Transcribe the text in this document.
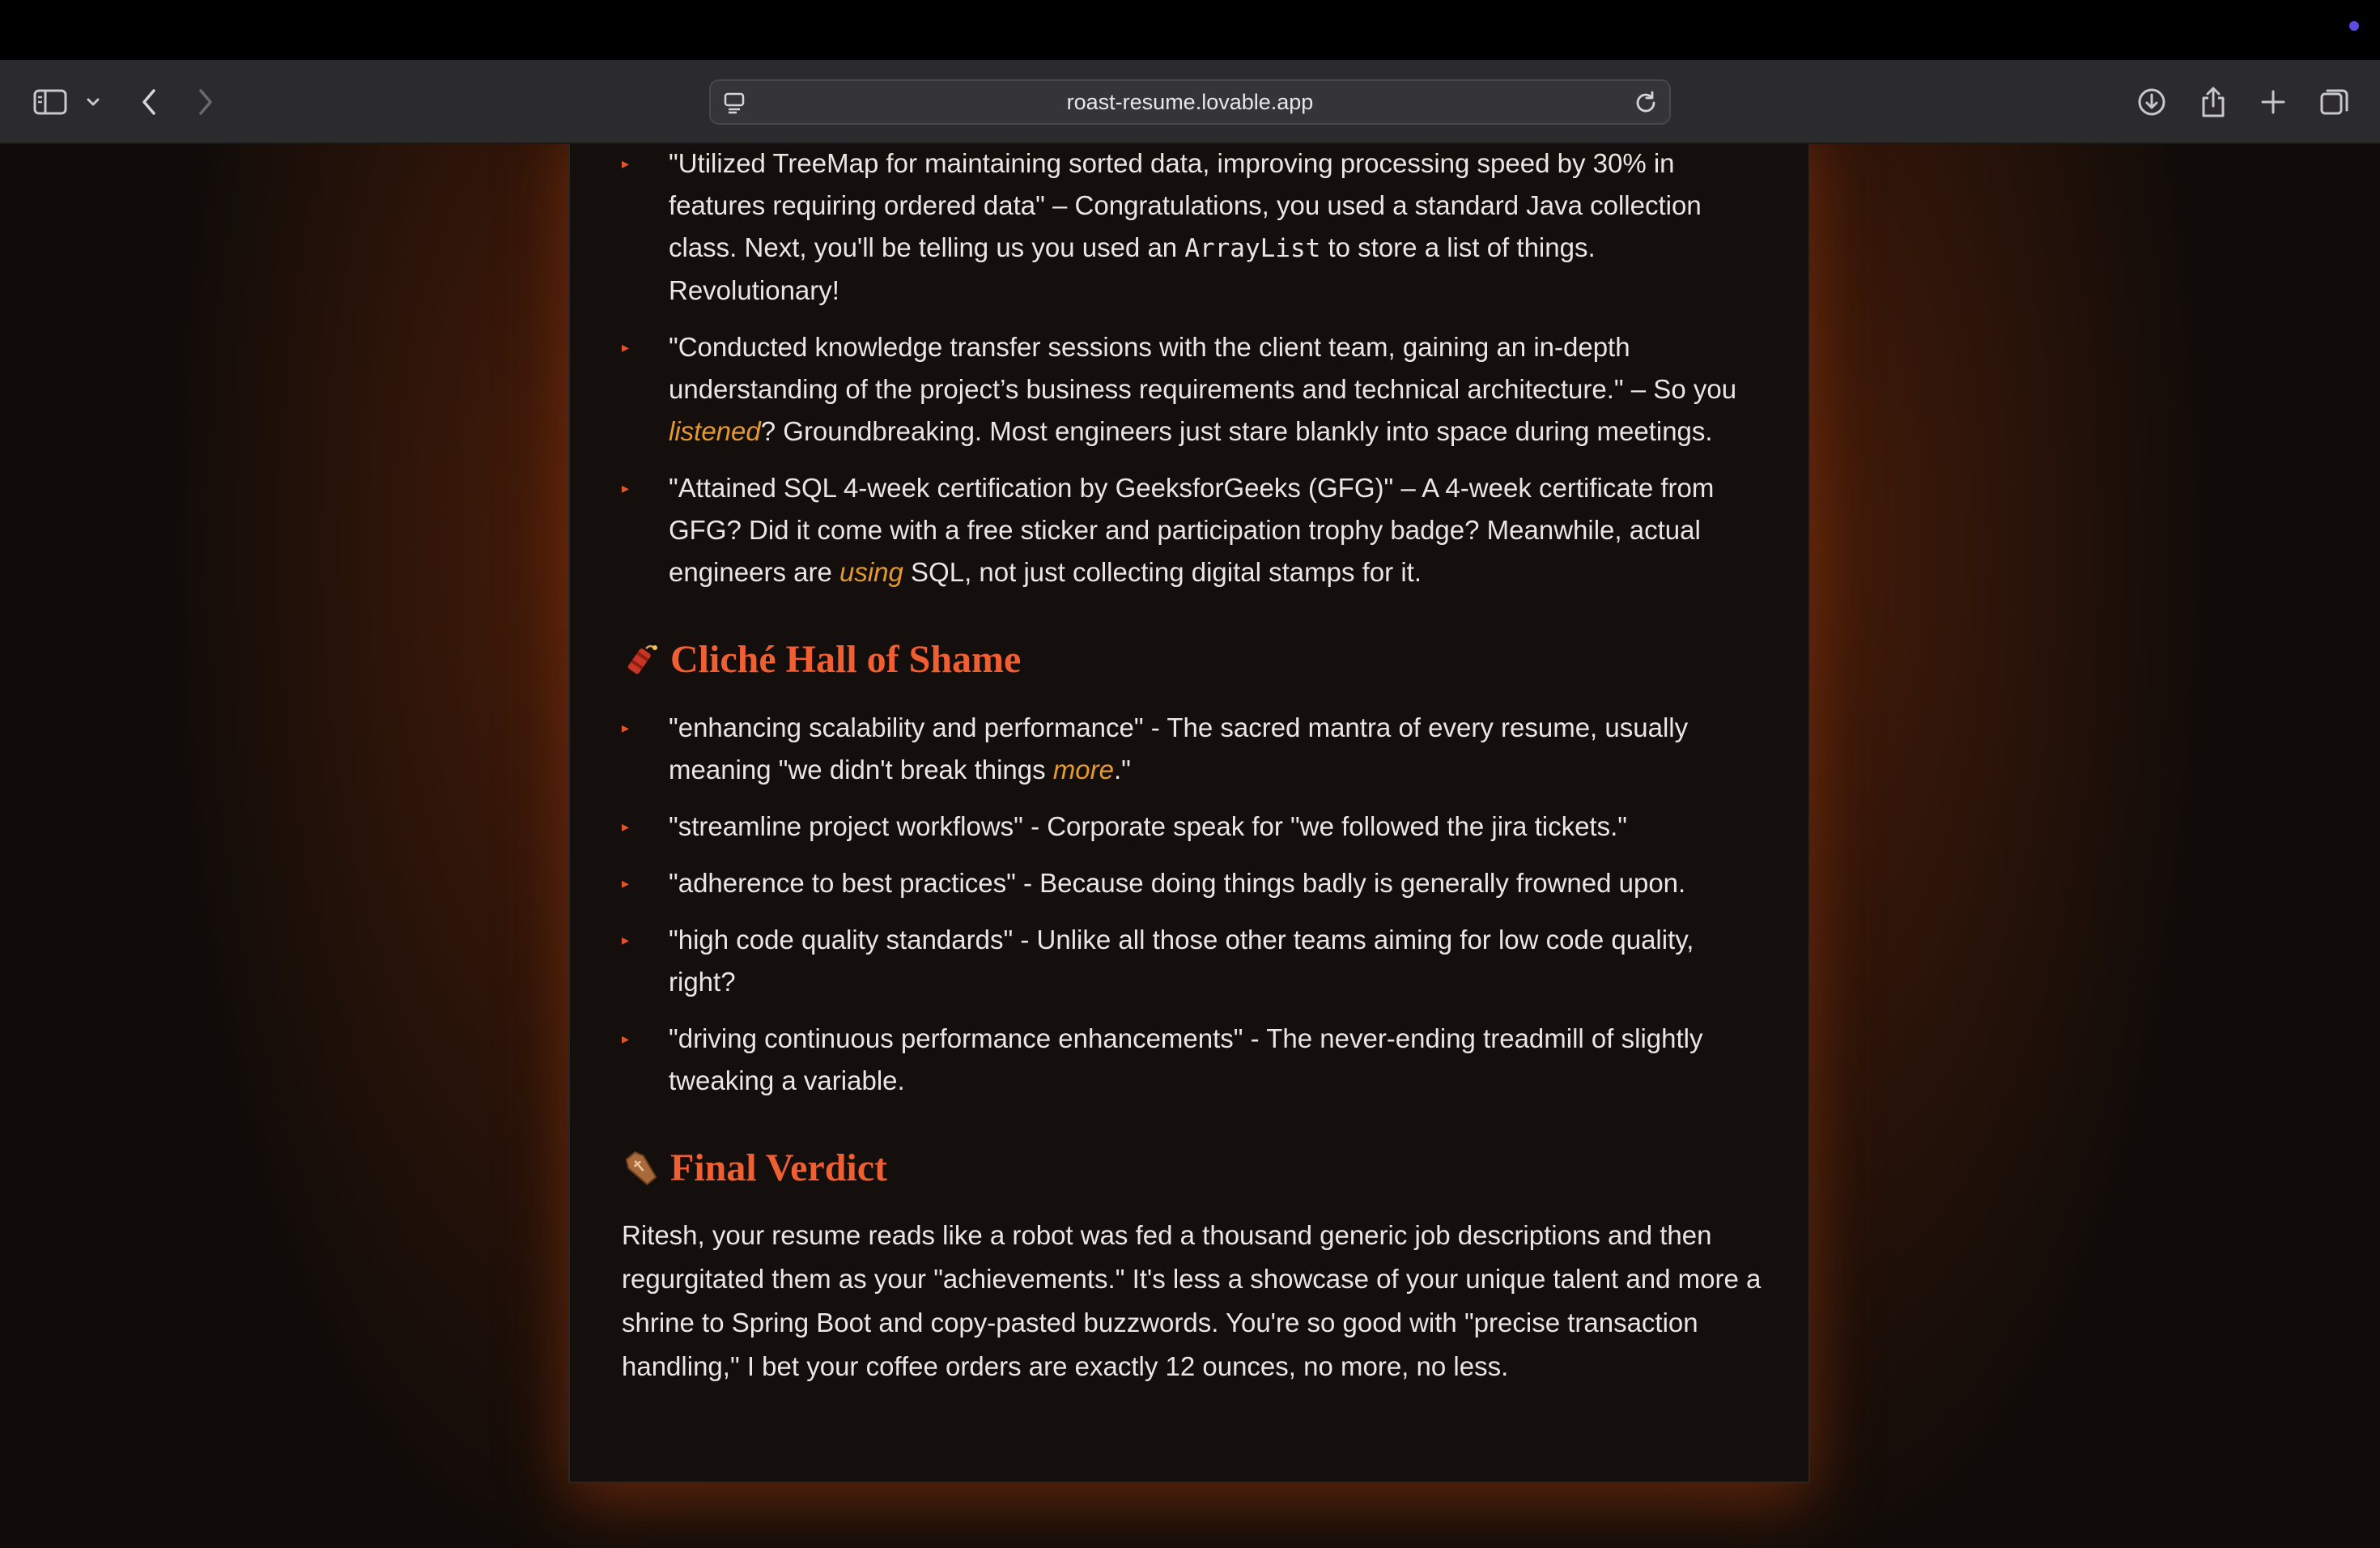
roast-resume.lovable.app
▸ "Utilized TreeMap for maintaining sorted data, improving processing speed by 30% in features requiring ordered data" – Congratulations, you used a standard Java collection class. Next, you'll be telling us you used an ArrayList to store a list of things. Revolutionary!
▸ "Conducted knowledge transfer sessions with the client team, gaining an in-depth understanding of the project’s business requirements and technical architecture." – So you listened? Groundbreaking. Most engineers just stare blankly into space during meetings.
▸ "Attained SQL 4-week certification by GeeksforGeeks (GFG)" – A 4-week certificate from GFG? Did it come with a free sticker and participation trophy badge? Meanwhile, actual engineers are using SQL, not just collecting digital stamps for it.
Cliché Hall of Shame
▸ "enhancing scalability and performance" - The sacred mantra of every resume, usually meaning "we didn't break things more."
▸ "streamline project workflows" - Corporate speak for "we followed the jira tickets."
▸ "adherence to best practices" - Because doing things badly is generally frowned upon.
▸ "high code quality standards" - Unlike all those other teams aiming for low code quality, right?
▸ "driving continuous performance enhancements" - The never-ending treadmill of slightly tweaking a variable.
Final Verdict

Ritesh, your resume reads like a robot was fed a thousand generic job descriptions and then regurgitated them as your "achievements." It's less a showcase of your unique talent and more a shrine to Spring Boot and copy-pasted buzzwords. You're so good with "precise transaction handling," I bet your coffee orders are exactly 12 ounces, no more, no less.
